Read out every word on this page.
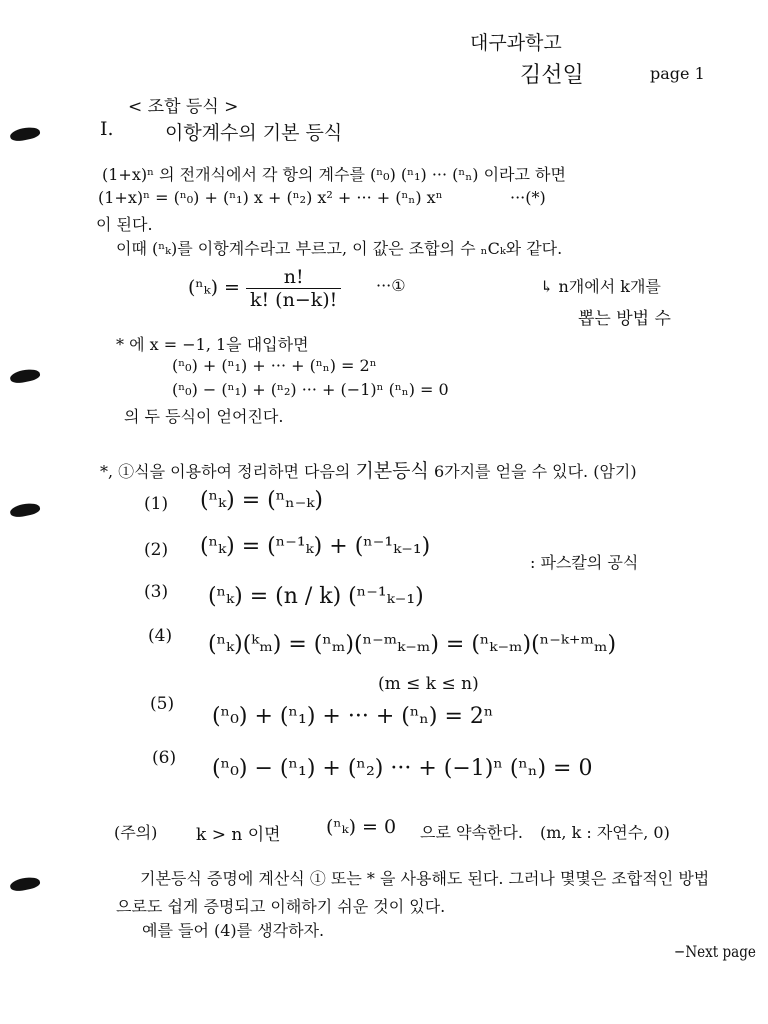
대구과학고
김선일	page 1
< 조합 등식 >
I.	이항계수의 기본 등식
(1+x)ⁿ 의 전개식에서 각 항의 계수를 (ⁿ₀) (ⁿ₁) ··· (ⁿₙ) 이라고 하면
(1+x)ⁿ = (ⁿ₀) + (ⁿ₁) x + (ⁿ₂) x² + ··· + (ⁿₙ) xⁿ	···(*)
이 된다.
이때 (ⁿₖ)를 이항계수라고 부르고, 이 값은 조합의 수 ₙCₖ와 같다.
$(^n_k) = \frac{n!}{k! (n-k)!}$ ···①	↳ n개에서 k개를
뽑는 방법 수
* 에 x = −1, 1을 대입하면
(ⁿ₀) + (ⁿ₁) + ··· + (ⁿₙ) = 2ⁿ
(ⁿ₀) − (ⁿ₁) + (ⁿ₂) ··· + (−1)ⁿ (ⁿₙ) = 0
의 두 등식이 얻어진다.
*, ①식을 이용하여 정리하면 다음의 기본등식 6가지를 얻을 수 있다. (암기)
(1) (ⁿₖ) = (ⁿₙ₋ₖ)
(2) (ⁿₖ) = (ⁿ⁻¹ₖ) + (ⁿ⁻¹ₖ₋₁)
: 파스칼의 공식
(3) (ⁿₖ) = (n / k) (ⁿ⁻¹ₖ₋₁)
(4) (ⁿₖ)(ᵏₘ) = (ⁿₘ)(ⁿ⁻ᵐₖ₋ₘ) = (ⁿₖ₋ₘ)(ⁿ⁻ᵏ⁺ᵐₘ)
(m ≤ k ≤ n)
(5) (ⁿ₀) + (ⁿ₁) + ··· + (ⁿₙ) = 2ⁿ
(6) (ⁿ₀) − (ⁿ₁) + (ⁿ₂) ··· + (−1)ⁿ (ⁿₙ) = 0
(주의) k > n 이면 (ⁿₖ) = 0 으로 약속한다. (m, k : 자연수, 0)
기본등식 증명에 계산식 ① 또는 * 을 사용해도 된다. 그러나 몇몇은 조합적인 방법
으로도 쉽게 증명되고 이해하기 쉬운 것이 있다.
예를 들어 (4)를 생각하자.
−Next page
